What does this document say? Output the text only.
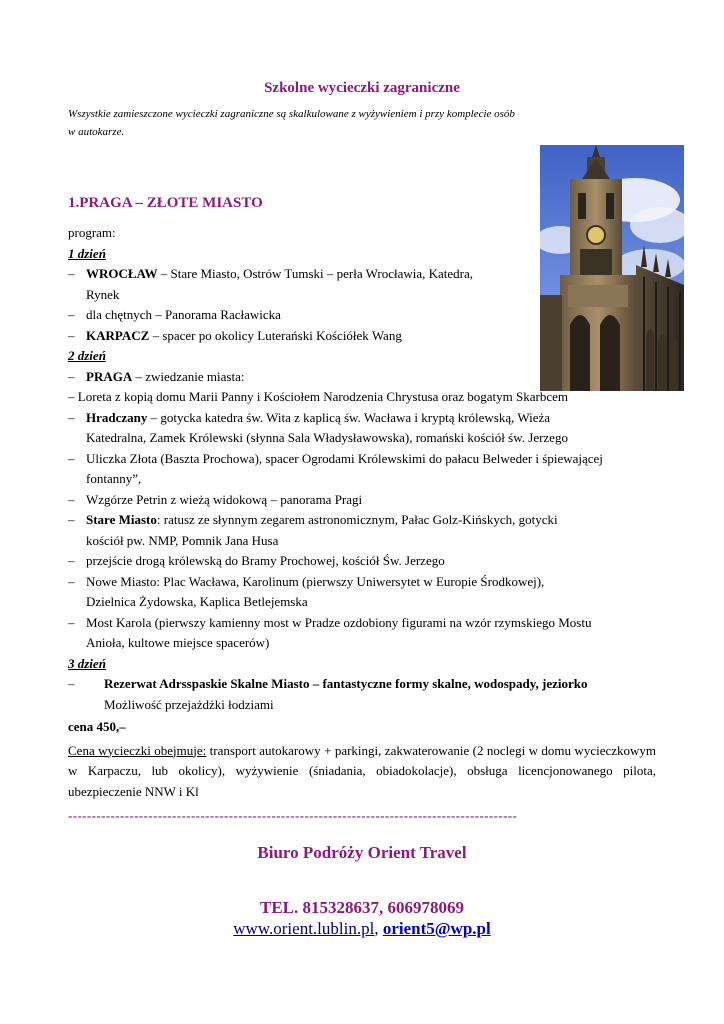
Szkolne wycieczki zagraniczne
Wszystkie zamieszczone wycieczki zagraniczne są skalkulowane z wyżywieniem i przy komplecie osób
w autokarze.
1.PRAGA – ZŁOTE MIASTO
program:
1 dzień
– WROCŁAW – Stare Miasto, Ostrów Tumski – perła Wrocławia, Katedra,
Rynek
– dla chętnych – Panorama Racławicka
– KARPACZ – spacer po okolicy Luterański Kościółek Wang
2 dzień
– PRAGA – zwiedzanie miasta:
– Loreta z kopią domu Marii Panny i Kościołem Narodzenia Chrystusa oraz bogatym Skarbcem
– Hradczany – gotycka katedra św. Wita z kaplicą św. Wacława i kryptą królewską, Wieża
Katedralna, Zamek Królewski (słynna Sala Władysławowska), romański kościół św. Jerzego
– Uliczka Złota (Baszta Prochowa), spacer Ogrodami Królewskimi do pałacu Belweder i śpiewającej
fontanny”,
– Wzgórze Petrin z wieżą widokową – panorama Pragi
– Stare Miasto: ratusz ze słynnym zegarem astronomicznym, Pałac Golz-Kińskych, gotycki
kościół pw. NMP, Pomnik Jana Husa
– przejście drogą królewską do Bramy Prochowej, kościół Św. Jerzego
– Nowe Miasto: Plac Wacława, Karolinum (pierwszy Uniwersytet w Europie Środkowej),
Dzielnica Żydowska, Kaplica Betlejemska
– Most Karola (pierwszy kamienny most w Pradze ozdobiony figurami na wzór rzymskiego Mostu
Anioła, kultowe miejsce spacerów)
3 dzień
– Rezerwat Adrsspaskie Skalne Miasto – fantastyczne formy skalne, wodospady, jeziorko
Możliwość przejażdżki łodziami
cena 450,–
Cena wycieczki obejmuje: transport autokarowy + parkingi, zakwaterowanie (2 noclegi w domu wycieczkowym w Karpaczu, lub okolicy), wyżywienie (śniadania, obiadokolacje), obsługa licencjonowanego pilota, ubezpieczenie NNW i Kl
-----------------------------------------------------------------------------------------------
Biuro Podróży Orient Travel
TEL. 815328637, 606978069
www.orient.lublin.pl, orient5@wp.pl
